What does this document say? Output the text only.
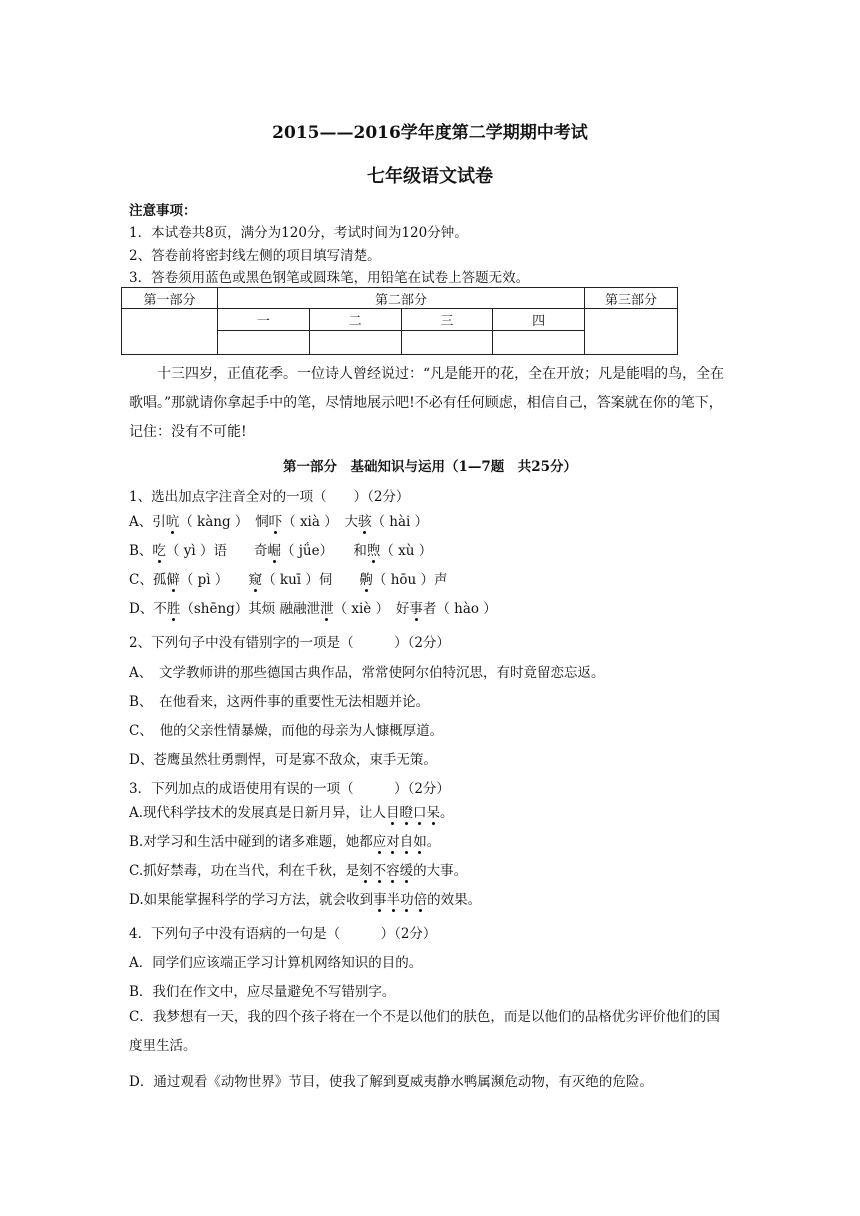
2015——2016学年度第二学期期中考试
七年级语文试卷
注意事项：
1．本试卷共8页，满分为120分，考试时间为120分钟。
2、答卷前将密封线左侧的项目填写清楚。
3．答卷须用蓝色或黑色钢笔或圆珠笔，用铅笔在试卷上答题无效。
第一部分	第二部分				第三部分
	一	二	三	四	

十三四岁，正值花季。一位诗人曾经说过：“凡是能开的花，全在开放；凡是能唱的鸟，全在歌唱。”那就请你拿起手中的笔，尽情地展示吧!不必有任何顾虑，相信自己，答案就在你的笔下，记住：没有不可能!
第一部分　基础知识与运用（1—7题　共25分）
1、选出加点字注音全对的一项（　　）（2分）
A、引吭（ kàng ）　恫吓（ xià ）　大骇（ hài ）
B、吃（ yì ）语　　奇崛（ jǘe）　　和煦（ xù ）
C、孤僻（ pì ）　　窥（ kuī ）伺　　齁（ hōu ）声
D、不胜（shēng）其烦 融融泄泄（ xiè ）　好事者（ hào ）
2、下列句子中没有错别字的一项是（　　　）（2分）
A、　文学教师讲的那些德国古典作品，常常使阿尔伯特沉思，有时竟留恋忘返。
B、　在他看来，这两件事的重要性无法相题并论。
C、　他的父亲性情暴燥，而他的母亲为人慷概厚道。
D、苍鹰虽然壮勇剽悍，可是寡不敌众，束手无策。
3．下列加点的成语使用有误的一项（　　　）（2分）
A.现代科学技术的发展真是日新月异，让人目瞪口呆。
B.对学习和生活中碰到的诸多难题，她都应对自如。
C.抓好禁毒，功在当代，利在千秋，是刻不容缓的大事。
D.如果能掌握科学的学习方法，就会收到事半功倍的效果。
4．下列句子中没有语病的一句是（　　　）（2分）
A．同学们应该端正学习计算机网络知识的目的。
B．我们在作文中，应尽量避免不写错别字。
C．我梦想有一天，我的四个孩子将在一个不是以他们的肤色，而是以他们的品格优劣评价他们的国度里生活。
D．通过观看《动物世界》节目，使我了解到夏威夷静水鸭属濒危动物，有灭绝的危险。
